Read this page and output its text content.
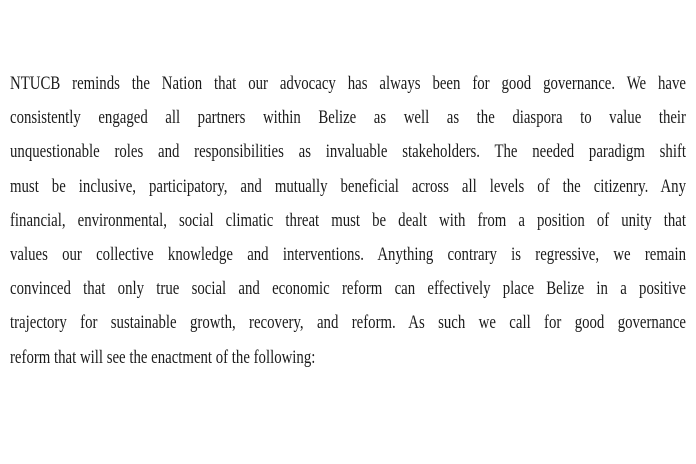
NTUCB reminds the Nation that our advocacy has always been for good governance. We have
consistently engaged all partners within Belize as well as the diaspora to value their
unquestionable roles and responsibilities as invaluable stakeholders. The needed paradigm shift
must be inclusive, participatory, and mutually beneficial across all levels of the citizenry. Any
financial, environmental, social climatic threat must be dealt with from a position of unity that
values our collective knowledge and interventions. Anything contrary is regressive, we remain
convinced that only true social and economic reform can effectively place Belize in a positive
trajectory for sustainable growth, recovery, and reform. As such we call for good governance
reform that will see the enactment of the following:
